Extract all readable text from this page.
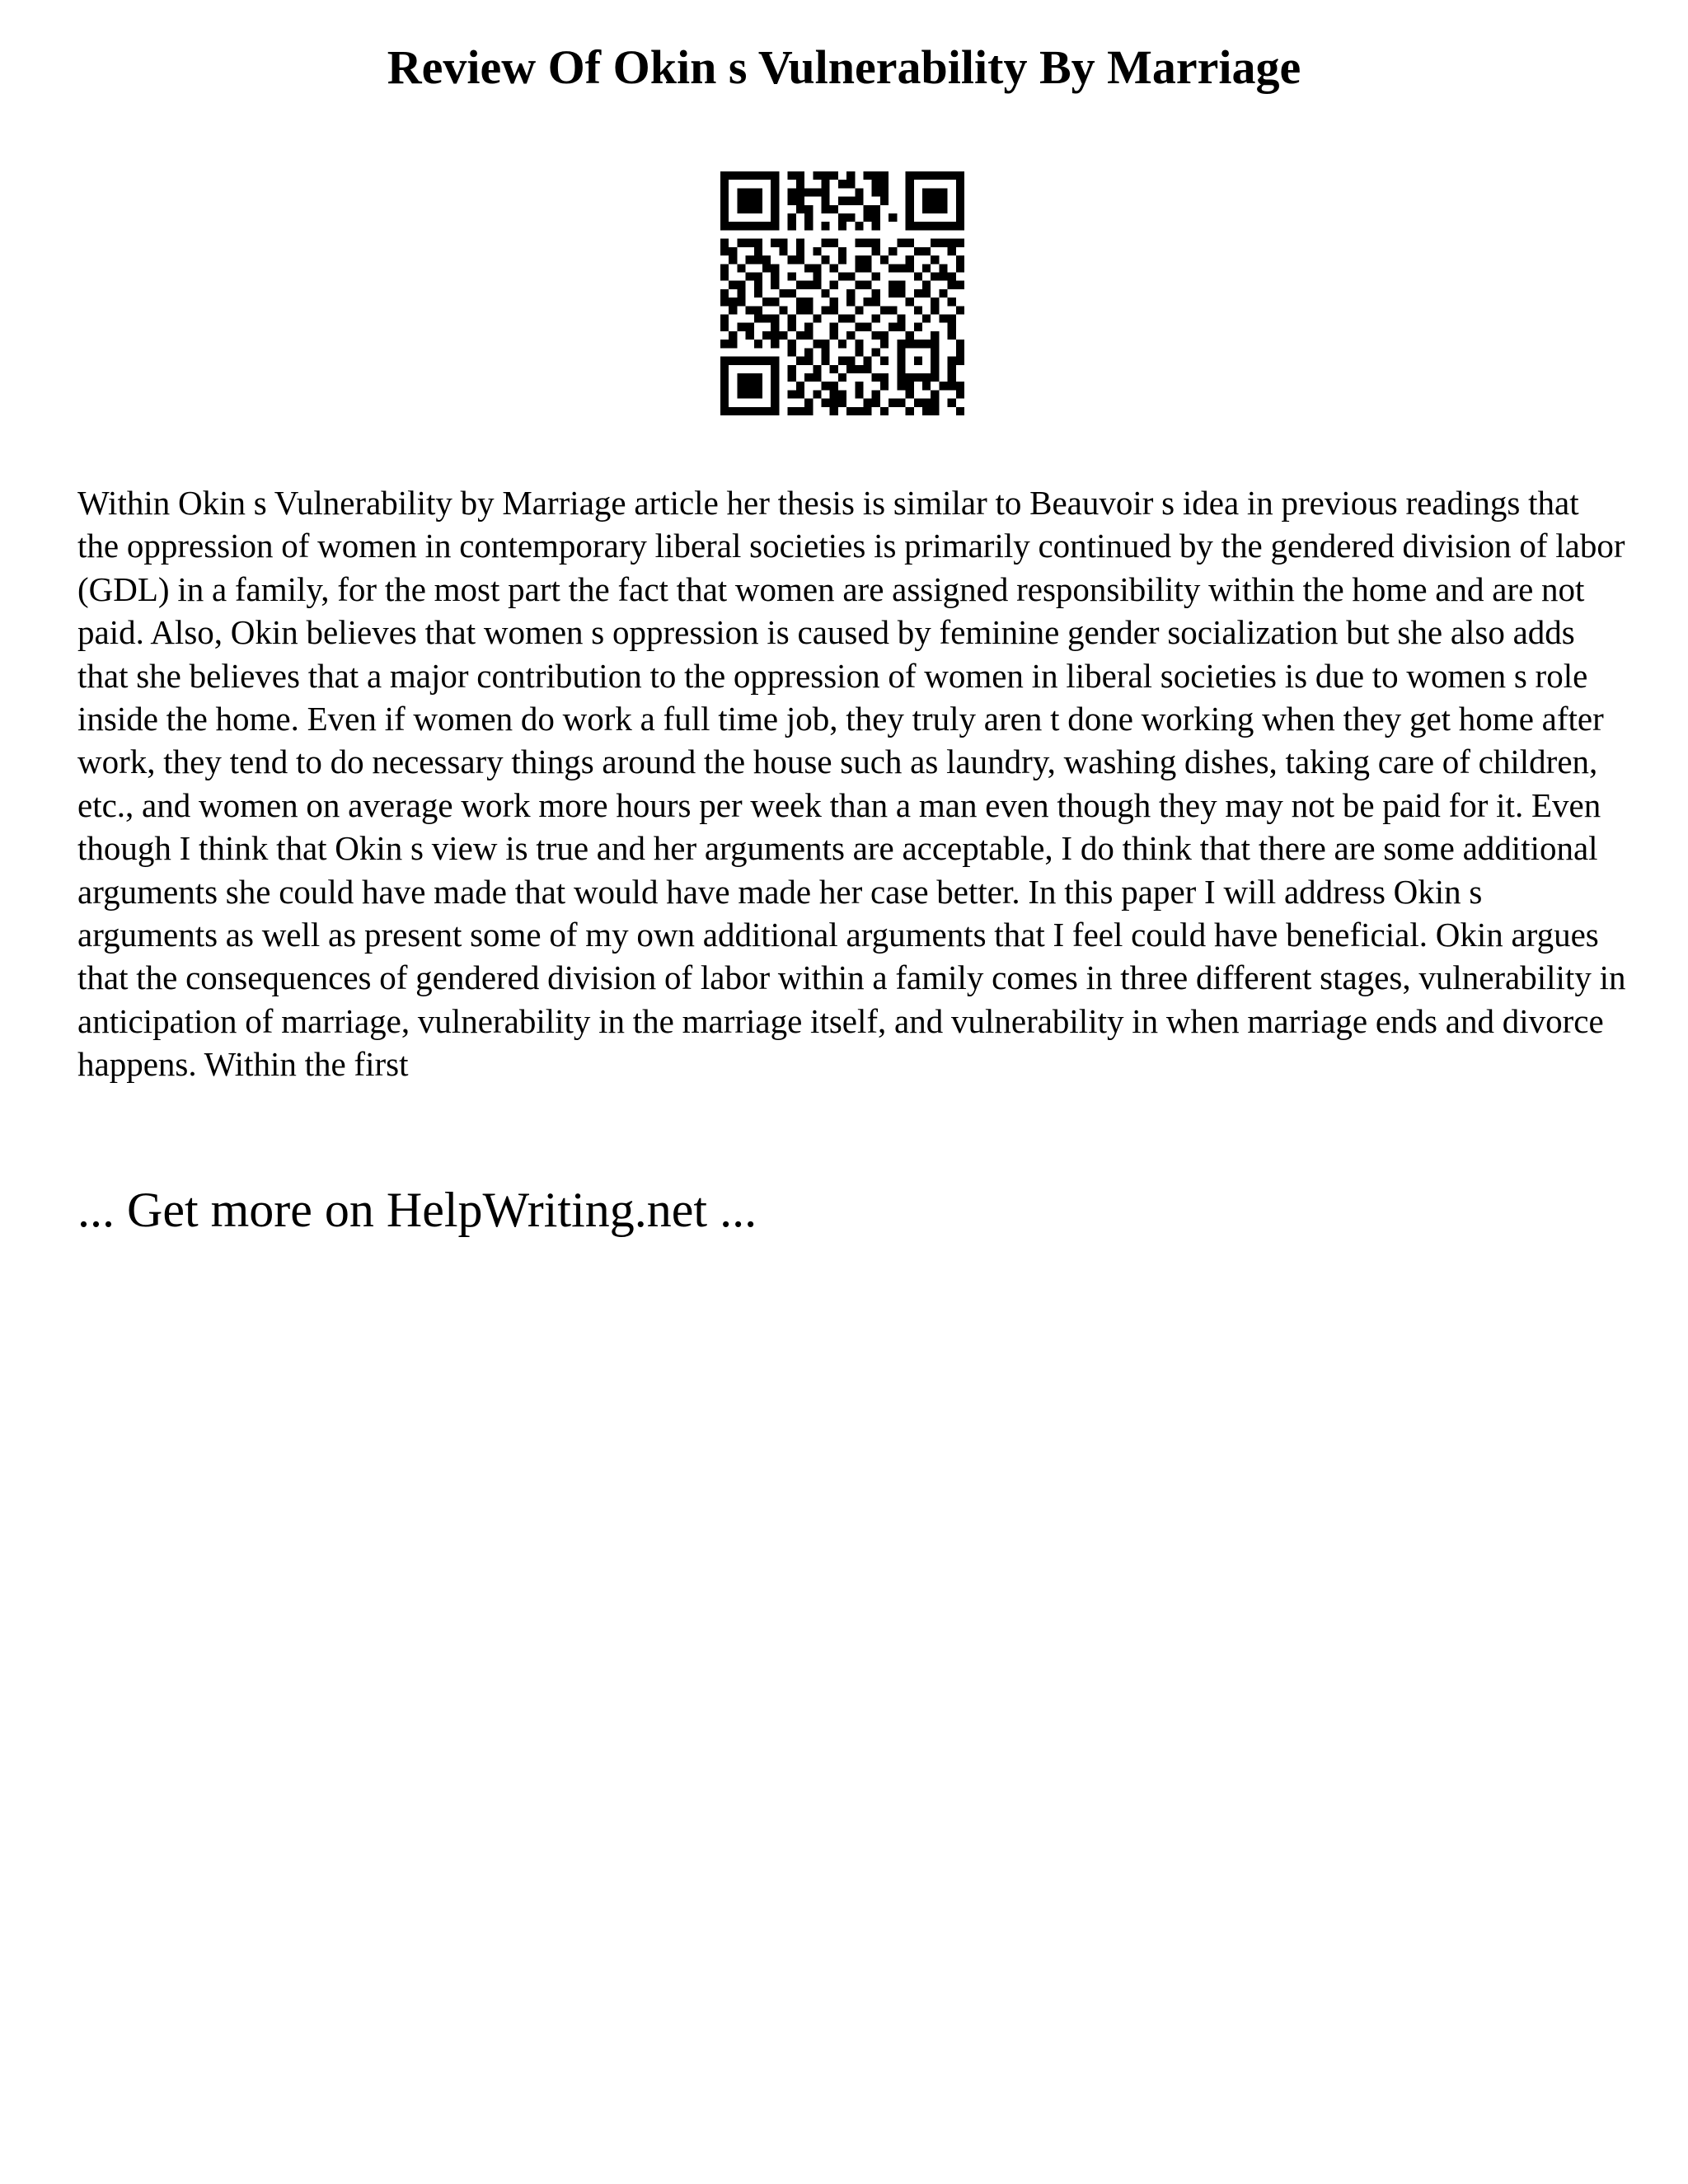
Review Of Okin s Vulnerability By Marriage

Within Okin s Vulnerability by Marriage article her thesis is similar to Beauvoir s idea in previous readings that the oppression of women in contemporary liberal societies is primarily continued by the gendered division of labor (GDL) in a family, for the most part the fact that women are assigned responsibility within the home and are not paid. Also, Okin believes that women s oppression is caused by feminine gender socialization but she also adds that she believes that a major contribution to the oppression of women in liberal societies is due to women s role inside the home. Even if women do work a full time job, they truly aren t done working when they get home after work, they tend to do necessary things around the house such as laundry, washing dishes, taking care of children, etc., and women on average work more hours per week than a man even though they may not be paid for it. Even though I think that Okin s view is true and her arguments are acceptable, I do think that there are some additional arguments she could have made that would have made her case better. In this paper I will address Okin s arguments as well as present some of my own additional arguments that I feel could have beneficial. Okin argues that the consequences of gendered division of labor within a family comes in three different stages, vulnerability in anticipation of marriage, vulnerability in the marriage itself, and vulnerability in when marriage ends and divorce happens. Within the first

... Get more on HelpWriting.net ...
